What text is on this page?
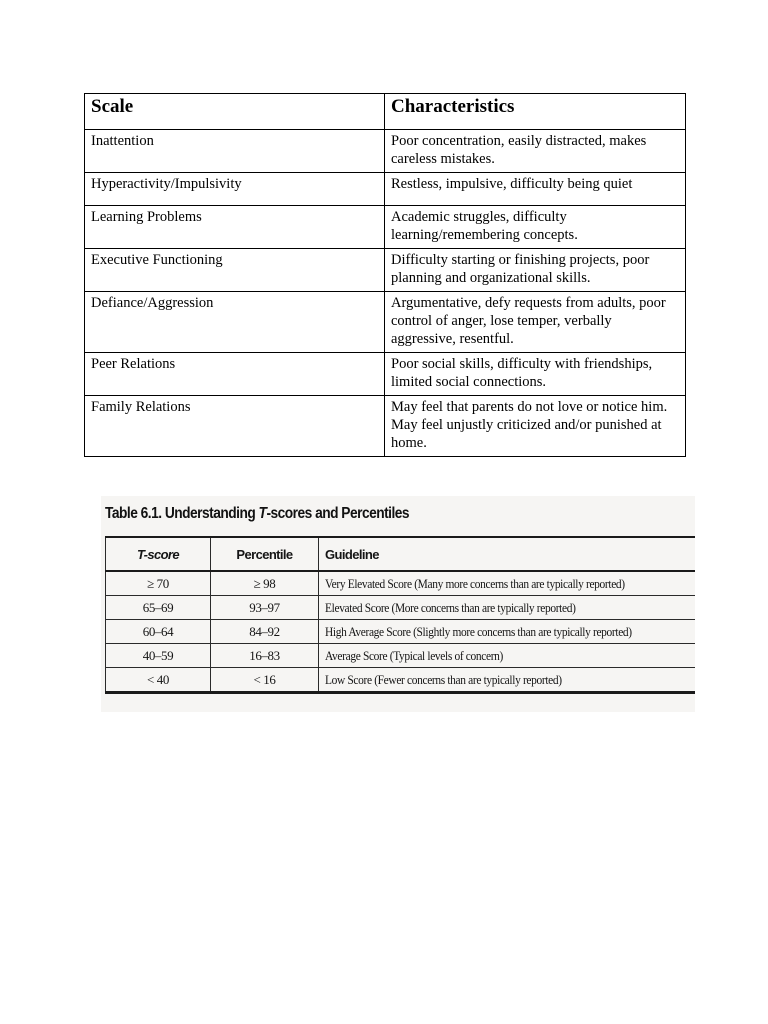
Scale	Characteristics
Inattention	Poor concentration, easily distracted, makes careless mistakes.
Hyperactivity/Impulsivity	Restless, impulsive, difficulty being quiet
Learning Problems	Academic struggles, difficulty learning/remembering concepts.
Executive Functioning	Difficulty starting or finishing projects, poor planning and organizational skills.
Defiance/Aggression	Argumentative, defy requests from adults, poor control of anger, lose temper, verbally aggressive, resentful.
Peer Relations	Poor social skills, difficulty with friendships, limited social connections.
Family Relations	May feel that parents do not love or notice him. May feel unjustly criticized and/or punished at home.
Table 6.1. Understanding T-scores and Percentiles
T-score	Percentile	Guideline
≥ 70	≥ 98	Very Elevated Score (Many more concerns than are typically reported)
65–69	93–97	Elevated Score (More concerns than are typically reported)
60–64	84–92	High Average Score (Slightly more concerns than are typically reported)
40–59	16–83	Average Score (Typical levels of concern)
< 40	< 16	Low Score (Fewer concerns than are typically reported)
